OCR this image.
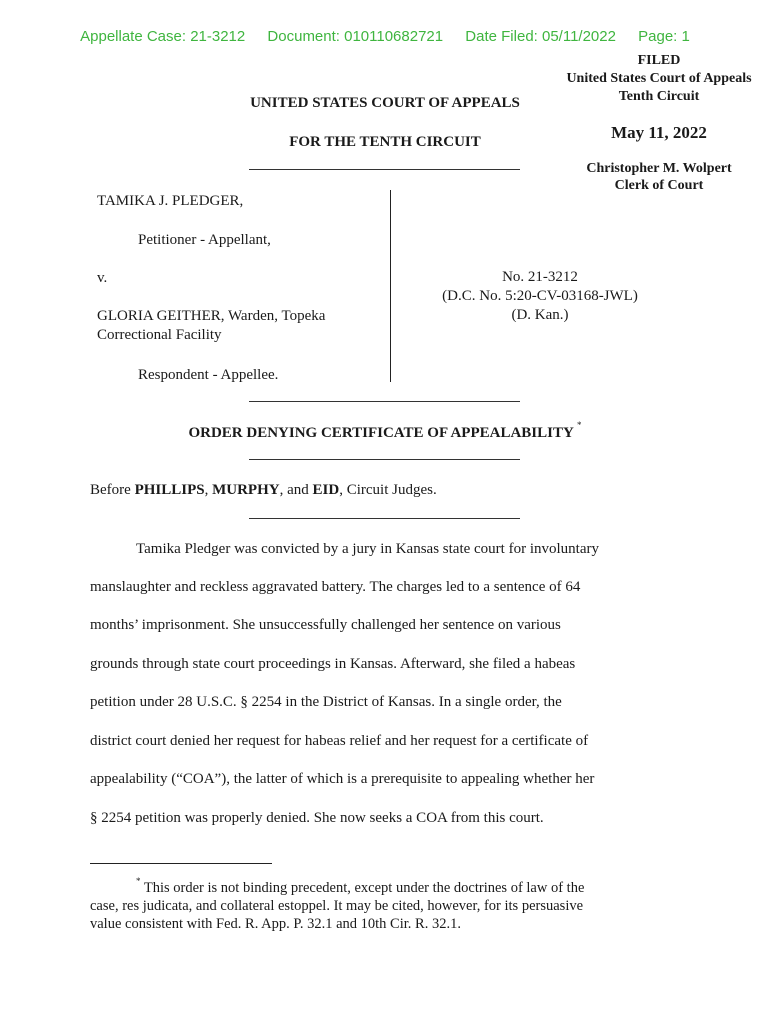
Appellate Case: 21-3212 Document: 010110682721 Date Filed: 05/11/2022 Page: 1
FILED
United States Court of Appeals
Tenth Circuit
May 11, 2022
Christopher M. Wolpert
Clerk of Court
UNITED STATES COURT OF APPEALS
FOR THE TENTH CIRCUIT
TAMIKA J. PLEDGER,
Petitioner - Appellant,
v.
GLORIA GEITHER, Warden, Topeka
Correctional Facility
Respondent - Appellee.
No. 21-3212
(D.C. No. 5:20-CV-03168-JWL)
(D. Kan.)
ORDER DENYING CERTIFICATE OF APPEALABILITY *
Before PHILLIPS, MURPHY, and EID, Circuit Judges.
Tamika Pledger was convicted by a jury in Kansas state court for involuntary
manslaughter and reckless aggravated battery. The charges led to a sentence of 64
months’ imprisonment. She unsuccessfully challenged her sentence on various
grounds through state court proceedings in Kansas. Afterward, she filed a habeas
petition under 28 U.S.C. § 2254 in the District of Kansas. In a single order, the
district court denied her request for habeas relief and her request for a certificate of
appealability (“COA”), the latter of which is a prerequisite to appealing whether her
§ 2254 petition was properly denied. She now seeks a COA from this court.
* This order is not binding precedent, except under the doctrines of law of the
case, res judicata, and collateral estoppel. It may be cited, however, for its persuasive
value consistent with Fed. R. App. P. 32.1 and 10th Cir. R. 32.1.
